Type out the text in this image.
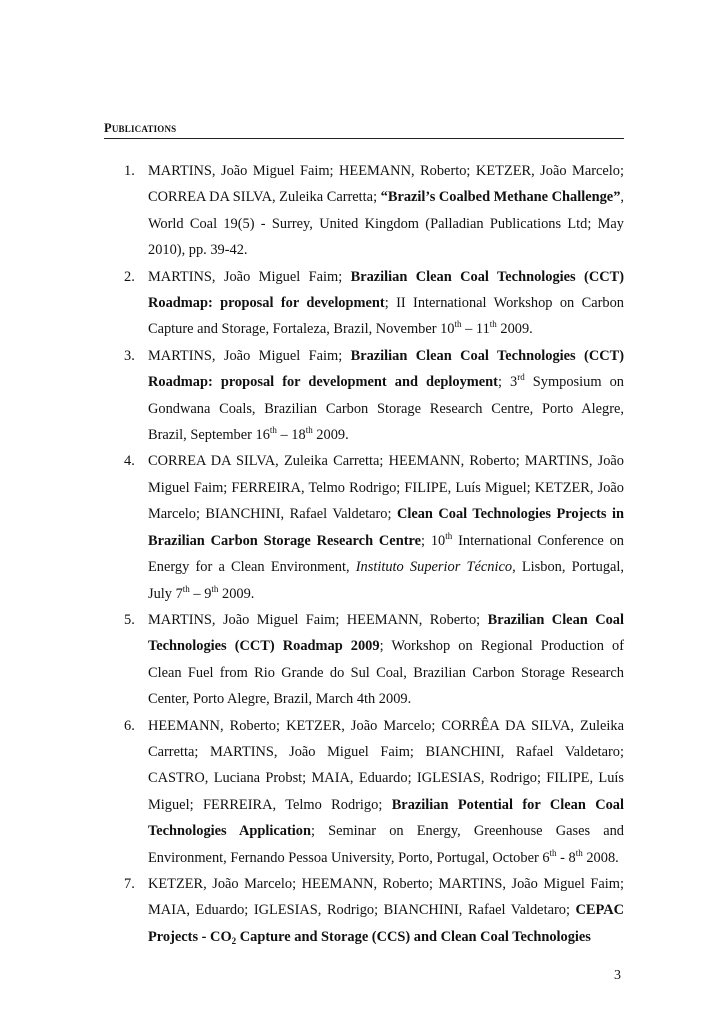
Publications
1. MARTINS, João Miguel Faim; HEEMANN, Roberto; KETZER, João Marcelo; CORREA DA SILVA, Zuleika Carretta; “Brazil’s Coalbed Methane Challenge”, World Coal 19(5) - Surrey, United Kingdom (Palladian Publications Ltd; May 2010), pp. 39-42.
2. MARTINS, João Miguel Faim; Brazilian Clean Coal Technologies (CCT) Roadmap: proposal for development; II International Workshop on Carbon Capture and Storage, Fortaleza, Brazil, November 10th – 11th 2009.
3. MARTINS, João Miguel Faim; Brazilian Clean Coal Technologies (CCT) Roadmap: proposal for development and deployment; 3rd Symposium on Gondwana Coals, Brazilian Carbon Storage Research Centre, Porto Alegre, Brazil, September 16th – 18th 2009.
4. CORREA DA SILVA, Zuleika Carretta; HEEMANN, Roberto; MARTINS, João Miguel Faim; FERREIRA, Telmo Rodrigo; FILIPE, Luís Miguel; KETZER, João Marcelo; BIANCHINI, Rafael Valdetaro; Clean Coal Technologies Projects in Brazilian Carbon Storage Research Centre; 10th International Conference on Energy for a Clean Environment, Instituto Superior Técnico, Lisbon, Portugal, July 7th – 9th 2009.
5. MARTINS, João Miguel Faim; HEEMANN, Roberto; Brazilian Clean Coal Technologies (CCT) Roadmap 2009; Workshop on Regional Production of Clean Fuel from Rio Grande do Sul Coal, Brazilian Carbon Storage Research Center, Porto Alegre, Brazil, March 4th 2009.
6. HEEMANN, Roberto; KETZER, João Marcelo; CORRÊA DA SILVA, Zuleika Carretta; MARTINS, João Miguel Faim; BIANCHINI, Rafael Valdetaro; CASTRO, Luciana Probst; MAIA, Eduardo; IGLESIAS, Rodrigo; FILIPE, Luís Miguel; FERREIRA, Telmo Rodrigo; Brazilian Potential for Clean Coal Technologies Application; Seminar on Energy, Greenhouse Gases and Environment, Fernando Pessoa University, Porto, Portugal, October 6th - 8th 2008.
7. KETZER, João Marcelo; HEEMANN, Roberto; MARTINS, João Miguel Faim; MAIA, Eduardo; IGLESIAS, Rodrigo; BIANCHINI, Rafael Valdetaro; CEPAC Projects - $CO_2$ Capture and Storage (CCS) and Clean Coal Technologies
3
